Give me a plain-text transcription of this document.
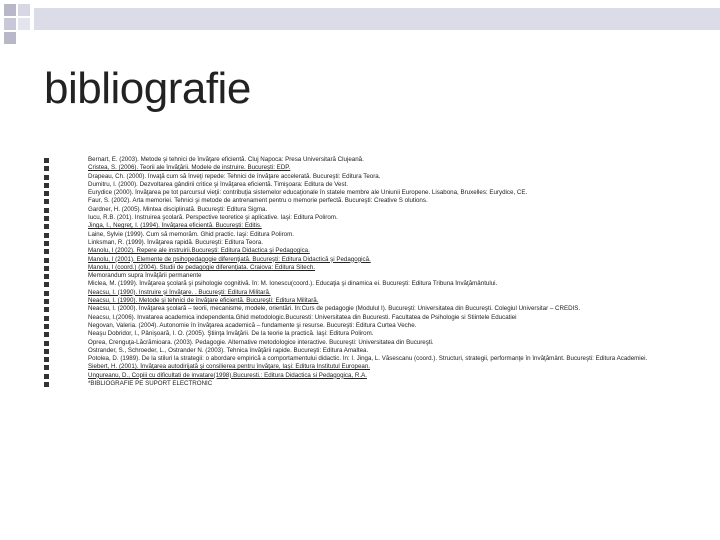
bibliografie
Bernart, E. (2003). Metode şi tehnici de învăţare eficientă. Cluj Napoca: Presa Universitară Clujeană.
Cristea, S. (2006). Teorii ale învăţării. Modele de instruire. Bucureşti: EDP.
Drapeau, Ch. (2000). Învaţă cum să înveţi repede: Tehnici de învăţare accelerată. Bucureşti: Editura Teora.
Dumitru, I. (2000). Dezvoltarea gândirii critice şi învăţarea eficientă. Timişoara: Editura de Vest.
Eurydice (2000). Învăţarea pe tot parcursul vieţii: contribuţia sistemelor educaţionale în statele membre ale Uniunii Europene. Lisabona, Bruxelles: Eurydice, CE.
Faur, S. (2002). Arta memoriei. Tehnici şi metode de antrenament pentru o memorie perfectă. Bucureşti: Creative S olutions.
Gardner, H. (2005). Mintea disciplinată. Bucureşti: Editura Sigma.
Iucu, R.B. (201). Instruirea şcolară. Perspective teoretice şi aplicative. Iaşi: Editura Polirom.
Jinga, I., Negreţ, I. (1994). Învăţarea eficientă. Bucureşti: Editis.
Laine, Sylvie (1999). Cum să memorăm. Ghid practic. Iaşi: Editura Polirom.
Linksman, R. (1999). Învăţarea rapidă. Bucureşti: Editura Teora.
Manolu, I (2002). Repere ale instruirii.Bucureşti: Editura Didactica şi Pedagogica.
Manolu, I (2001). Elemente de psihopedagogie diferenţiată. Bucureşti: Editura Didactică şi Pedagogică.
Manolu, I (coord.) (2004). Studii de pedagogie diferenţiata. Craiova: Editura Sitech.
Memorandum supra învăţării permanente
Miclea, M. (1999). Învăţarea şcolară şi psihologie cognitivă. În: M. Ionescu(coord.). Educaţia şi dinamica ei. Bucureşti: Editura Tribuna Învăţământului.
Neacsu, I. (1990). Instruire şi învăţare. . Bucureşti: Editura Militară.
Neacsu, I. (1990). Metode şi tehnici de învăţare eficientă. Bucureşti: Editura Militară.
Neacsu, I. (2000). Învăţarea şcolară – teorii, mecanisme, modele, orientări. În:Curs de pedagogie (Modulul I). Bucureşti: Universitatea din Bucureşti. Colegiul Universitar – CREDIS.
Neacsu, I.(2006). Invatarea academica independenta.Ghid metodologic.Bucuresti: Universitatea din Bucuresti. Facultatea de Psihologie si Stiintele Educatiei
Negovan, Valeria. (2004). Autonomie în învăţarea academică – fundamente şi resurse. Bucureşti: Editura Curtea Veche.
Neaşu Dobridor, I., Pânişoară, I. O. (2005). Ştiinţa învăţării. De la teorie la practică. Iaşi: Editura Polirom.
Oprea, Crenguţa-Lăcrămioara. (2003). Pedagogie. Alternative metodologice interactive. Bucureşti: Universitatea din Bucureşti.
Ostrander, S., Schroeder, L., Ostrander N. (2003). Tehnica învăţării rapide. Bucureşti: Editura Amaltea.
Potolea, D. (1989). De la stiluri la strategii: o abordare empirică a comportamentului didactic. In: I. Jinga, L. Văsescanu (coord.). Structuri, strategii, performanţe în învăţământ. Bucureşti: Editura Academiei.
Siebert, H. (2001). Învăţarea autodirijată şi consilierea pentru învăţare, Iaşi: Editura Institutul European.
Ungureanu, D., Copiii cu dificultati de invatare(1998).Bucuresti.: Editura Didactica si Pedagogica, R.A.
*BIBLIOGRAFIE PE SUPORT ELECTRONIC
